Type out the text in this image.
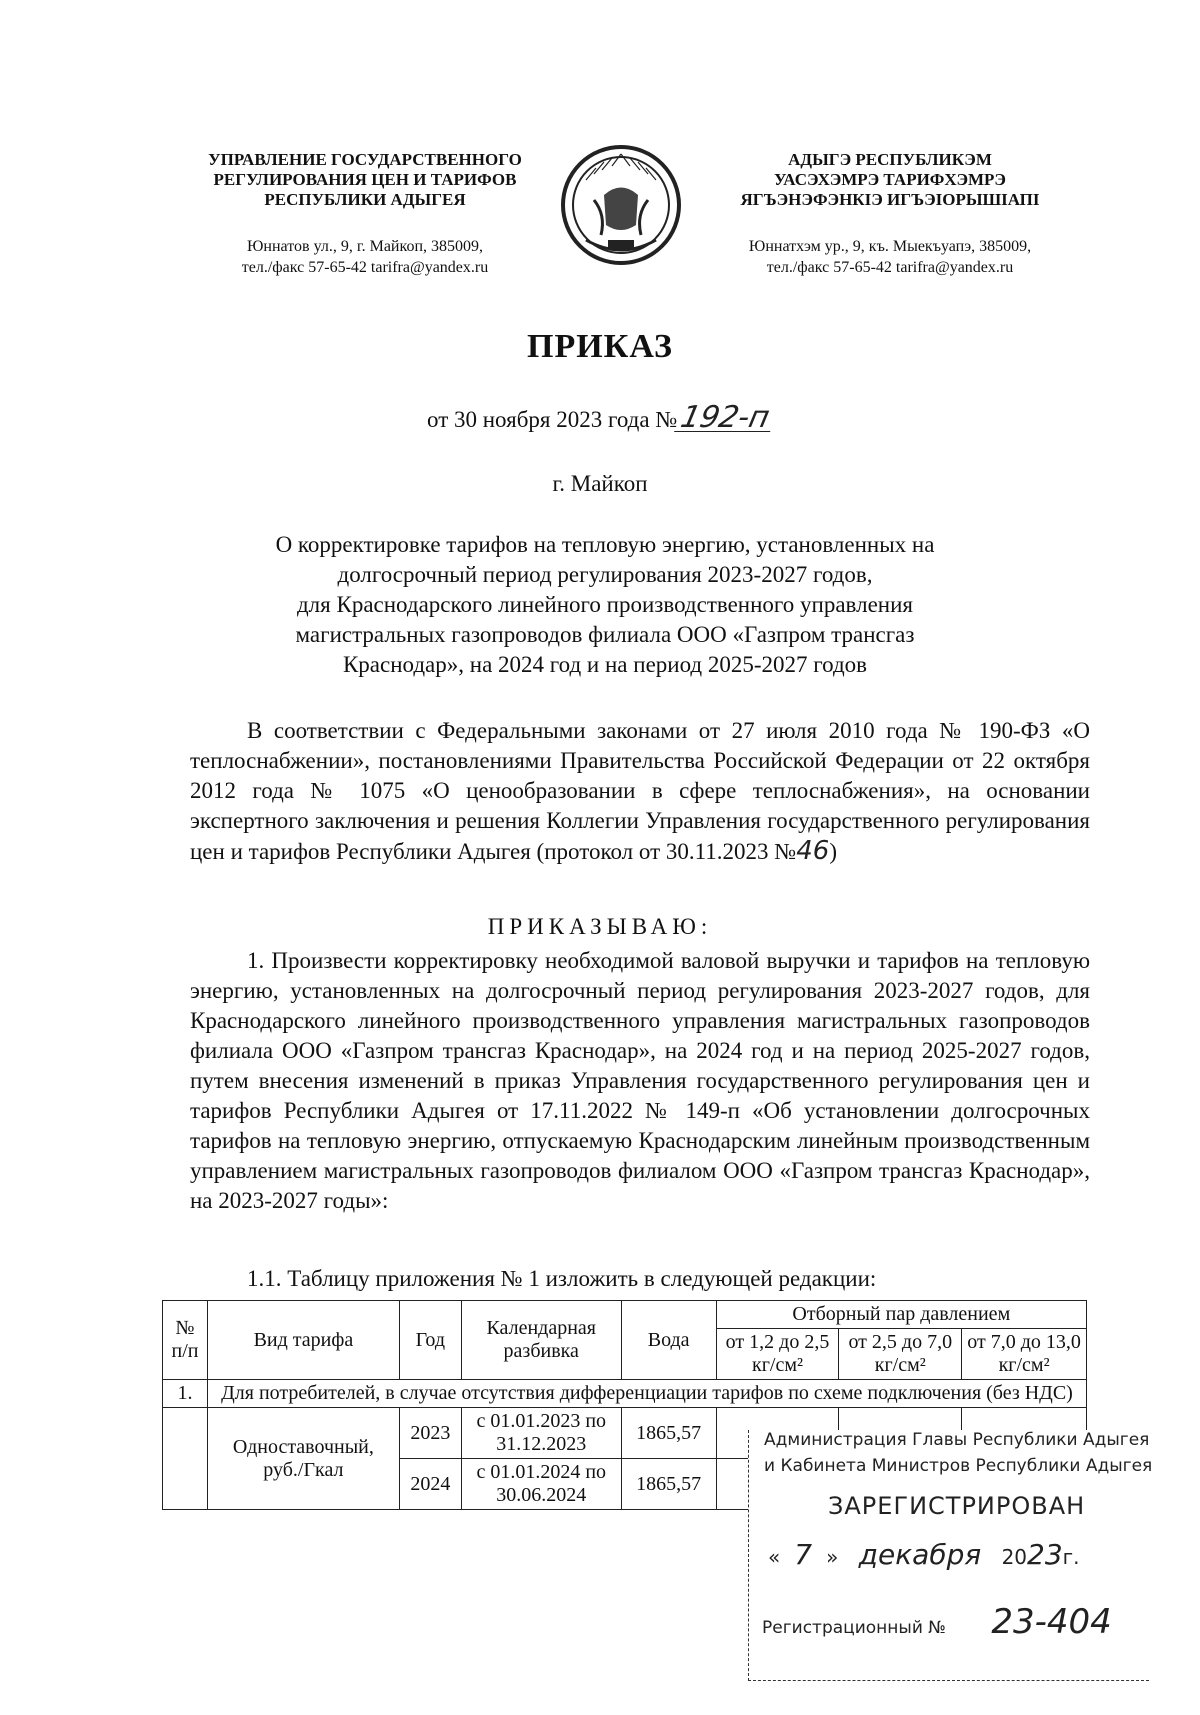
УПРАВЛЕНИЕ ГОСУДАРСТВЕННОГО
РЕГУЛИРОВАНИЯ ЦЕН И ТАРИФОВ
РЕСПУБЛИКИ АДЫГЕЯ
Юннатов ул., 9, г. Майкоп, 385009,
тел./факс 57-65-42 tarifra@yandex.ru
АДЫГЭ РЕСПУБЛИКЭМ
УАСЭХЭМРЭ ТАРИФХЭМРЭ
ЯГЪЭНЭФЭНКIЭ ИГЪЭIОРЫШIАПI
Юннатхэм ур., 9, къ. Мыекъуапэ, 385009,
тел./факс 57-65-42 tarifra@yandex.ru
ПРИКАЗ
от 30 ноября 2023 года №192-п
г. Майкоп
О корректировке тарифов на тепловую энергию, установленных на
долгосрочный период регулирования 2023-2027 годов,
для Краснодарского линейного производственного управления
магистральных газопроводов филиала ООО «Газпром трансгаз
Краснодар», на 2024 год и на период 2025-2027 годов
В соответствии с Федеральными законами от 27 июля 2010 года № 190-ФЗ «О теплоснабжении», постановлениями Правительства Российской Федерации от 22 октября 2012 года № 1075 «О ценообразовании в сфере теплоснабжения», на основании экспертного заключения и решения Коллегии Управления государственного регулирования цен и тарифов Республики Адыгея (протокол от 30.11.2023 №46)
ПРИКАЗЫВАЮ:
1. Произвести корректировку необходимой валовой выручки и тарифов на тепловую энергию, установленных на долгосрочный период регулирования 2023-2027 годов, для Краснодарского линейного производственного управления магистральных газопроводов филиала ООО «Газпром трансгаз Краснодар», на 2024 год и на период 2025-2027 годов, путем внесения изменений в приказ Управления государственного регулирования цен и тарифов Республики Адыгея от 17.11.2022 № 149-п «Об установлении долгосрочных тарифов на тепловую энергию, отпускаемую Краснодарским линейным производственным управлением магистральных газопроводов филиалом ООО «Газпром трансгаз Краснодар», на 2023-2027 годы»:
1.1. Таблицу приложения № 1 изложить в следующей редакции:
№ п/п	Вид тарифа	Год	Календарная разбивка	Вода	Отборный пар давлением		
					от 1,2 до 2,5 кг/см²	от 2,5 до 7,0 кг/см²	от 7,0 до 13,0 кг/см²
1.	Для потребителей, в случае отсутствия дифференциации тарифов по схеме подключения (без НДС)						
	Одноставочный, руб./Гкал	2023	с 01.01.2023 по 31.12.2023	1865,57			
		2024	с 01.01.2024 по 30.06.2024	1865,57			
Администрация Главы Республики Адыгея
и Кабинета Министров Республики Адыгея
ЗАРЕГИСТРИРОВАН
« 7 » декабря 2023г.
Регистрационный № 23-404
